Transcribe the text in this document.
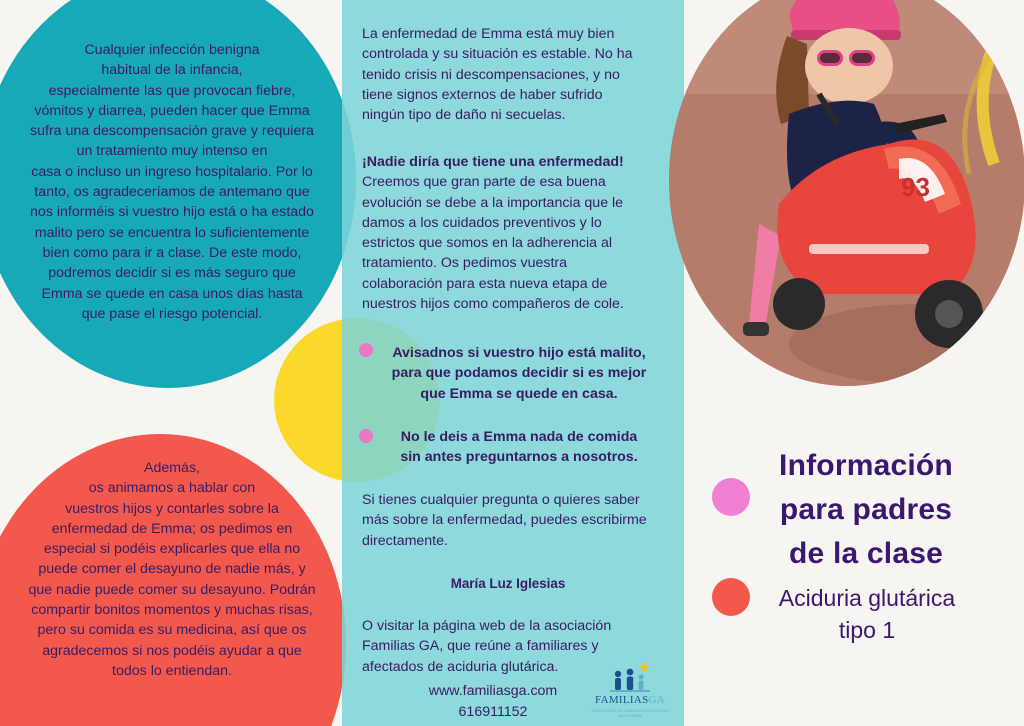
Cualquier infección benigna
habitual de la infancia,
especialmente las que provocan fiebre,
vómitos y diarrea, pueden hacer que Emma
sufra una descompensación grave y requiera
un tratamiento muy intenso en
casa o incluso un ingreso hospitalario. Por lo
tanto, os agradeceríamos de antemano que
nos informéis si vuestro hijo está o ha estado
malito pero se encuentra lo suficientemente
bien como para ir a clase. De este modo,
podremos decidir si es más seguro que
Emma se quede en casa unos días hasta
que pase el riesgo potencial.
Además,
os animamos a hablar con
vuestros hijos y contarles sobre la
enfermedad de Emma; os pedimos en
especial si podéis explicarles que ella no
puede comer el desayuno de nadie más, y
que nadie puede comer su desayuno. Podrán
compartir bonitos momentos y muchas risas,
pero su comida es su medicina, así que os
agradecemos si nos podéis ayudar a que
todos lo entiendan.
La enfermedad de Emma está muy bien
controlada y su situación es estable. No ha
tenido crisis ni descompensaciones, y no
tiene signos externos de haber sufrido
ningún tipo de daño ni secuelas.
¡Nadie diría que tiene una enfermedad!
Creemos que gran parte de esa buena
evolución se debe a la importancia que le
damos a los cuidados preventivos y lo
estrictos que somos en la adherencia al
tratamiento. Os pedimos vuestra
colaboración para esta nueva etapa de
nuestros hijos como compañeros de cole.
Avisadnos si vuestro hijo está malito,
para que podamos decidir si es mejor
que Emma se quede en casa.
No le deis a Emma nada de comida
sin antes preguntarnos a nosotros.
Si tienes cualquier pregunta o quieres saber
más sobre la enfermedad, puedes escribirme
directamente.
María Luz Iglesias
O visitar la página web de la asociación
Familias GA, que reúne a familiares y
afectados de aciduria glutárica.
www.familiasga.com
616911152
FAMILIASGA
ASOCIACIÓN DE FAMILIAS DE ACIDURIA GLUTÁRICA
93
Información
para padres
de la clase
Aciduria glutárica
tipo 1
